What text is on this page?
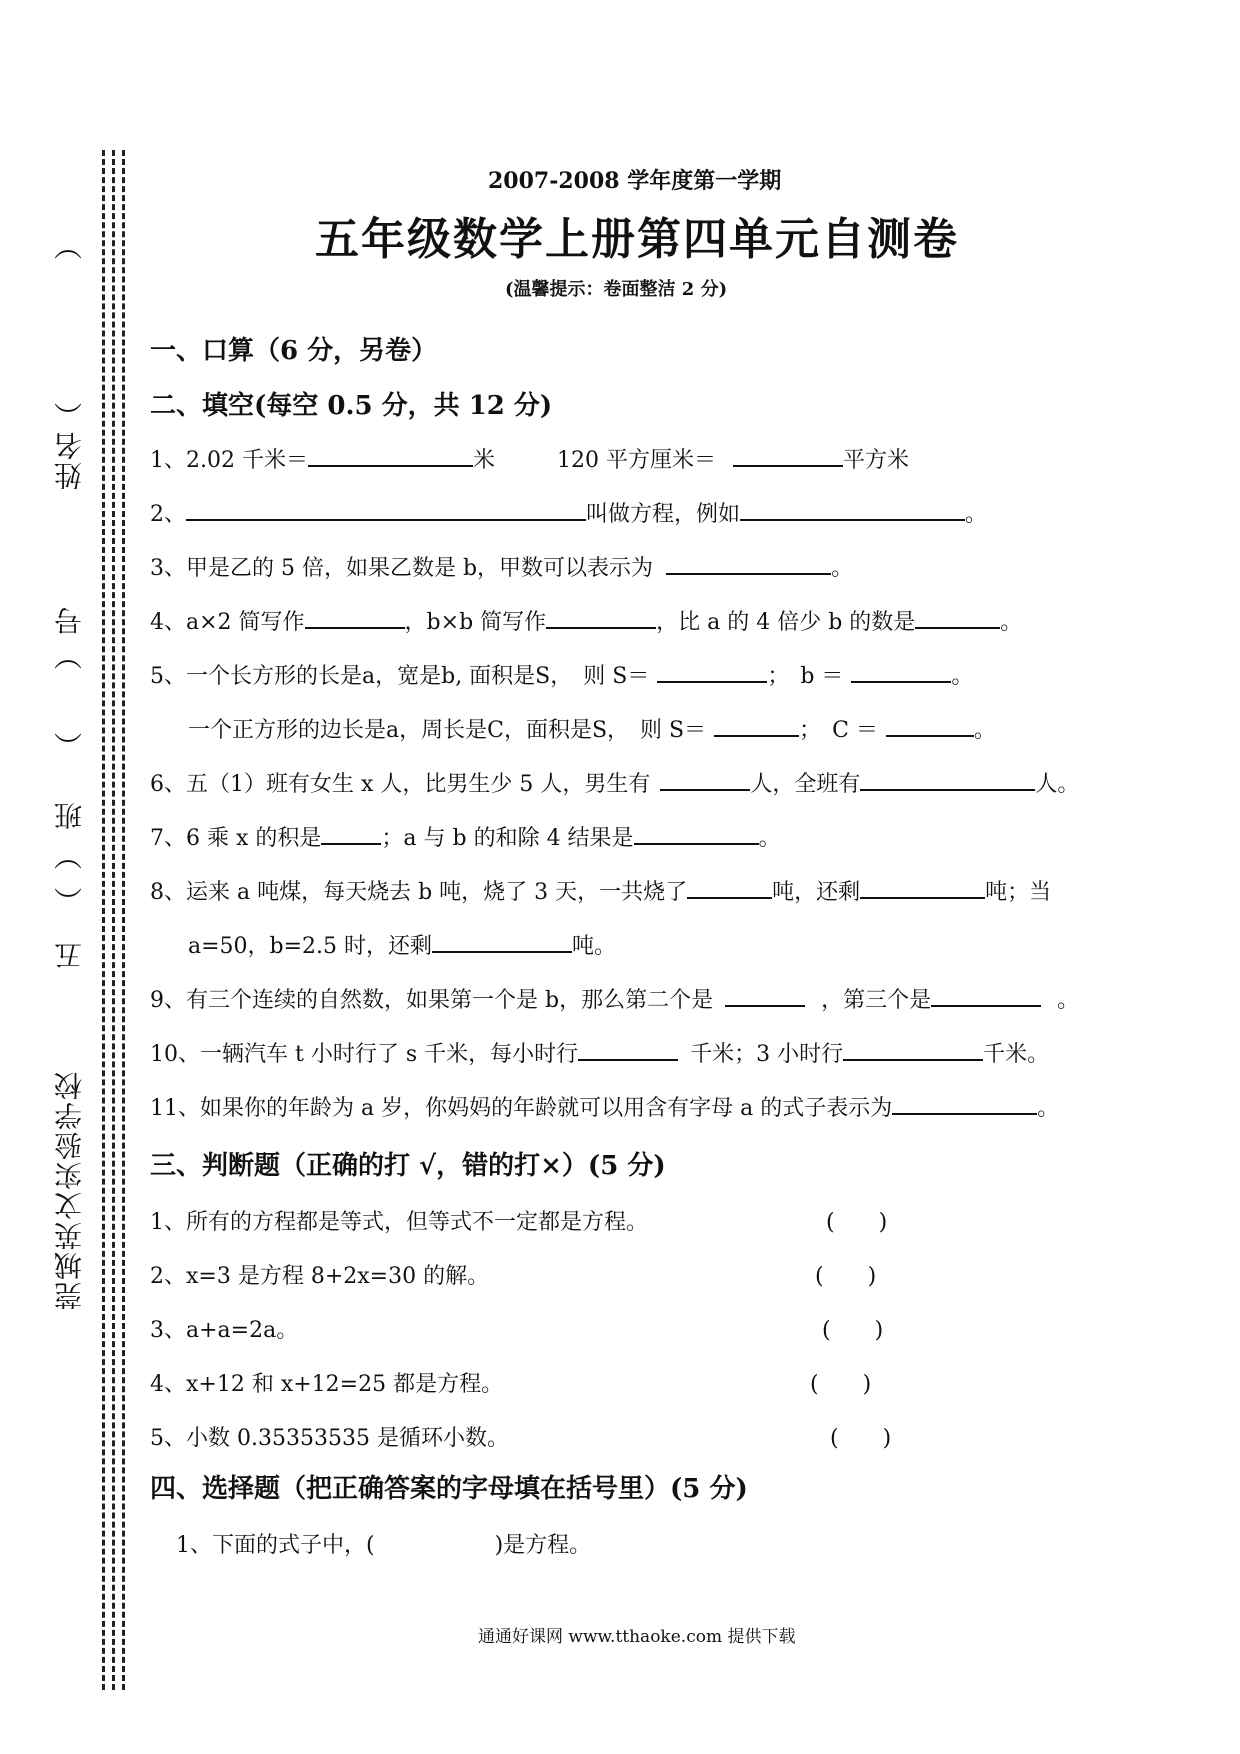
莞城英文实验学校
五
（
）
班
（
）
号
（
姓名
）
2007-2008 学年度第一学期
五年级数学上册第四单元自测卷
(温馨提示：卷面整洁 2 分)
一、口算（6 分，另卷）
二、填空(每空 0.5 分，共 12 分)
1、2.02 千米＝	米	120 平方厘米＝	平方米
2、	叫做方程，例如	。
3、甲是乙的 5 倍，如果乙数是 b，甲数可以表示为	。
4、a×2 简写作	，b×b 简写作	，比 a 的 4 倍少 b 的数是	。
5、一个长方形的长是a，宽是b, 面积是S，　则 S＝	；　b ＝	。
一个正方形的边长是a，周长是C，面积是S，　则 S＝	；　C ＝	。
6、五（1）班有女生 x 人，比男生少 5 人，男生有	人，全班有	人。
7、6 乘 x 的积是	；a 与 b 的和除 4 结果是	。
8、运来 a 吨煤，每天烧去 b 吨，烧了 3 天，一共烧了	吨，还剩	吨；当
a=50，b=2.5 时，还剩	吨。
9、有三个连续的自然数，如果第一个是 b，那么第二个是	，第三个是	。
10、一辆汽车 t 小时行了 s 千米，每小时行	千米；3 小时行	千米。
11、如果你的年龄为 a 岁，你妈妈的年龄就可以用含有字母 a 的式子表示为	。
三、判断题（正确的打 √，错的打×）(5 分)
1、所有的方程都是等式，但等式不一定都是方程。	(　　)
2、x=3 是方程 8+2x=30 的解。	(　　)
3、a+a=2a。	(　　)
4、x+12 和 x+12=25 都是方程。	(　　)
5、小数 0.35353535 是循环小数。	(　　)
四、选择题（把正确答案的字母填在括号里）(5 分)
1、下面的式子中，(	)是方程。
通通好课网 www.tthaoke.com 提供下载
